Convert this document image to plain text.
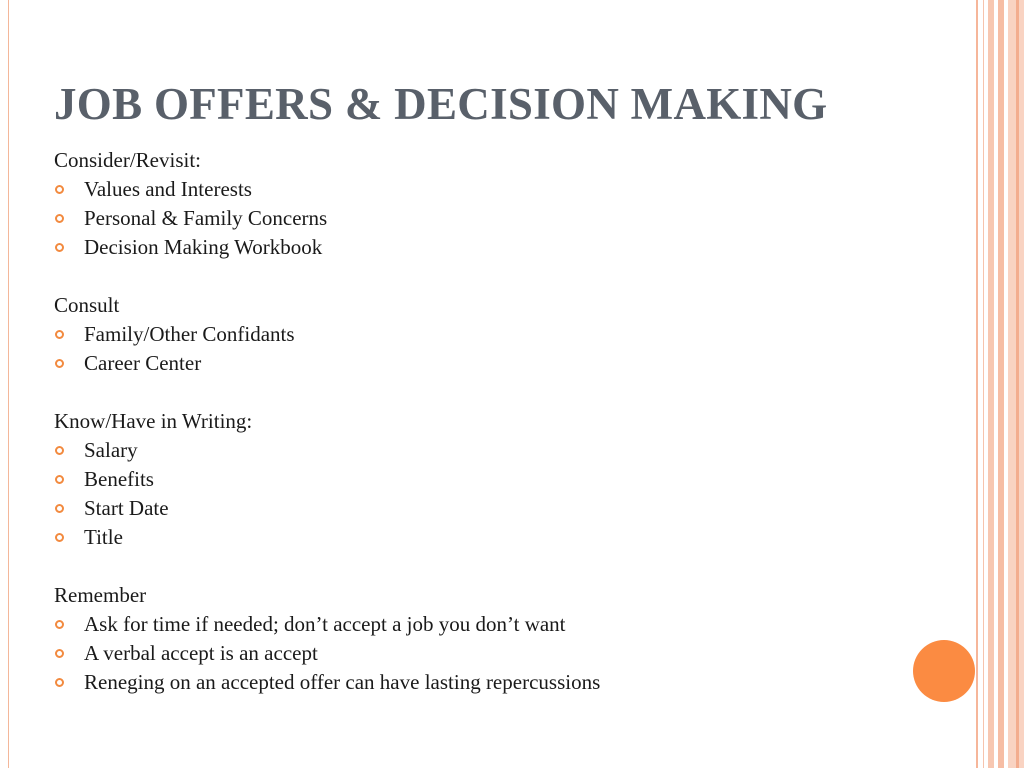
JOB OFFERS & DECISION MAKING
Consider/Revisit:
Values and Interests
Personal & Family Concerns
Decision Making Workbook
Consult
Family/Other Confidants
Career Center
Know/Have in Writing:
Salary
Benefits
Start Date
Title
Remember
Ask for time if needed; don’t accept a job you don’t want
A verbal accept is an accept
Reneging on an accepted offer can have lasting repercussions
